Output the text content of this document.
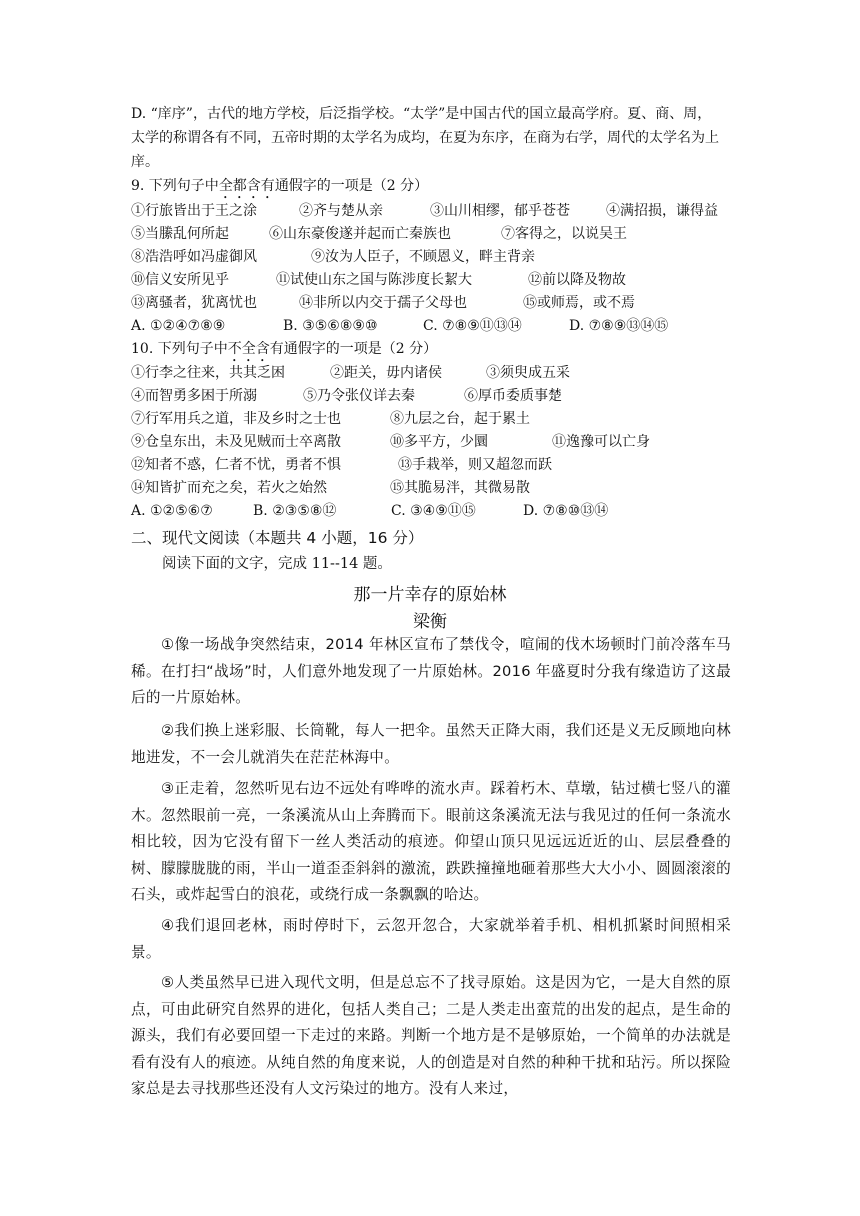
D. “庠序”，古代的地方学校，后泛指学校。“太学”是中国古代的国立最高学府。夏、商、周，
太学的称谓各有不同，五帝时期的太学名为成均，在夏为东序，在商为右学，周代的太学名为上
庠。
9. 下列句子中全都含有通假字的一项是（2 分）
①行旅皆出于王之涂	②齐与楚从亲	③山川相缪，郁乎苍苍	④满招损，谦得益
⑤当縢乱何所起	⑥山东豪俊遂并起而亡秦族也	⑦客得之，以说吴王
⑧浩浩呼如冯虚御风	⑨汝为人臣子，不顾恩义，畔主背亲
⑩信义安所见乎	⑪试使山东之国与陈涉度长絜大	⑫前以降及物故
⑬离骚者，犹离忧也	⑭非所以内交于孺子父母也	⑮或师焉，或不焉
A. ①②④⑦⑧⑨	B. ③⑤⑥⑧⑨⑩	C. ⑦⑧⑨⑪⑬⑭	D. ⑦⑧⑨⑬⑭⑮
10. 下列句子中不全含有通假字的一项是（2 分）
①行李之往来，共其乏困	②距关，毋内诸侯	③须臾成五采
④而智勇多困于所溺	⑤乃令张仪详去秦	⑥厚币委质事楚
⑦行军用兵之道，非及乡时之士也	⑧九层之台，起于累土
⑨仓皇东出，未及见贼而士卒离散	⑩多平方，少圜	⑪逸豫可以亡身
⑫知者不惑，仁者不忧，勇者不惧	⑬手栽举，则又超忽而跃
⑭知皆扩而充之矣，若火之始然	⑮其脆易泮，其微易散
A. ①②⑤⑥⑦	B. ②③⑤⑧⑫	C. ③④⑨⑪⑮	D. ⑦⑧⑩⑬⑭
二、现代文阅读（本题共 4 小题，16 分）
阅读下面的文字，完成 11--14 题。
那一片幸存的原始林
梁衡
①像一场战争突然结束，2014 年林区宣布了禁伐令，喧闹的伐木场顿时门前冷落车马稀。在打扫“战场”时，人们意外地发现了一片原始林。2016 年盛夏时分我有缘造访了这最后的一片原始林。
②我们换上迷彩服、长筒靴，每人一把伞。虽然天正降大雨，我们还是义无反顾地向林地进发，不一会儿就消失在茫茫林海中。
③正走着，忽然听见右边不远处有哗哗的流水声。踩着朽木、草墩，钻过横七竖八的灌木。忽然眼前一亮，一条溪流从山上奔腾而下。眼前这条溪流无法与我见过的任何一条流水相比较，因为它没有留下一丝人类活动的痕迹。仰望山顶只见远远近近的山、层层叠叠的树、朦朦胧胧的雨，半山一道歪歪斜斜的激流，跌跌撞撞地砸着那些大大小小、圆圆滚滚的石头，或炸起雪白的浪花，或绕行成一条飘飘的哈达。
④我们退回老林，雨时停时下，云忽开忽合，大家就举着手机、相机抓紧时间照相采景。
⑤人类虽然早已进入现代文明，但是总忘不了找寻原始。这是因为它，一是大自然的原点，可由此研究自然界的进化，包括人类自己；二是人类走出蛮荒的出发的起点，是生命的源头，我们有必要回望一下走过的来路。判断一个地方是不是够原始，一个简单的办法就是看有没有人的痕迹。从纯自然的角度来说，人的创造是对自然的种种干扰和玷污。所以探险家总是去寻找那些还没有人文污染过的地方。没有人来过，
